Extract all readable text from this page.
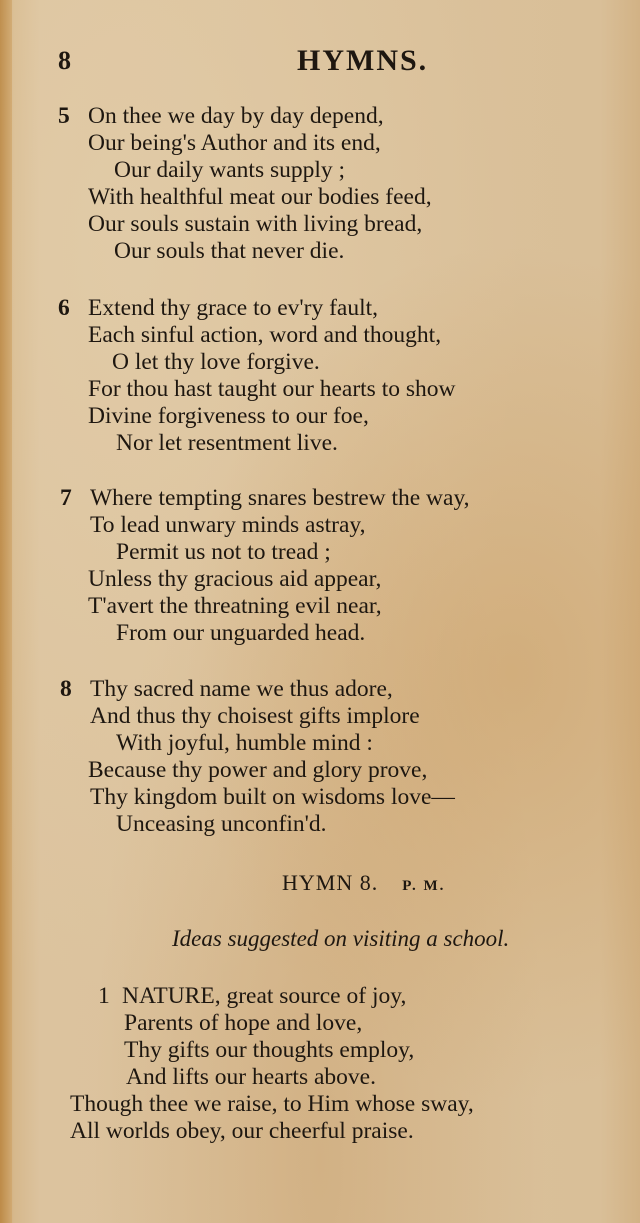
8	HYMNS.
5 On thee we day by day depend,
Our being's Author and its end,
Our daily wants supply ;
With healthful meat our bodies feed,
Our souls sustain with living bread,
Our souls that never die.
6 Extend thy grace to ev'ry fault,
Each sinful action, word and thought,
O let thy love forgive.
For thou hast taught our hearts to show
Divine forgiveness to our foe,
Nor let resentment live.
7 Where tempting snares bestrew the way,
To lead unwary minds astray,
Permit us not to tread ;
Unless thy gracious aid appear,
T'avert the threatning evil near,
From our unguarded head.
8 Thy sacred name we thus adore,
And thus thy choisest gifts implore
With joyful, humble mind :
Because thy power and glory prove,
Thy kingdom built on wisdoms love—
Unceasing unconfin'd.
HYMN 8. P. M.
Ideas suggested on visiting a school.
1 NATURE, great source of joy,
Parents of hope and love,
Thy gifts our thoughts employ,
And lifts our hearts above.
Though thee we raise, to Him whose sway,
All worlds obey, our cheerful praise.
